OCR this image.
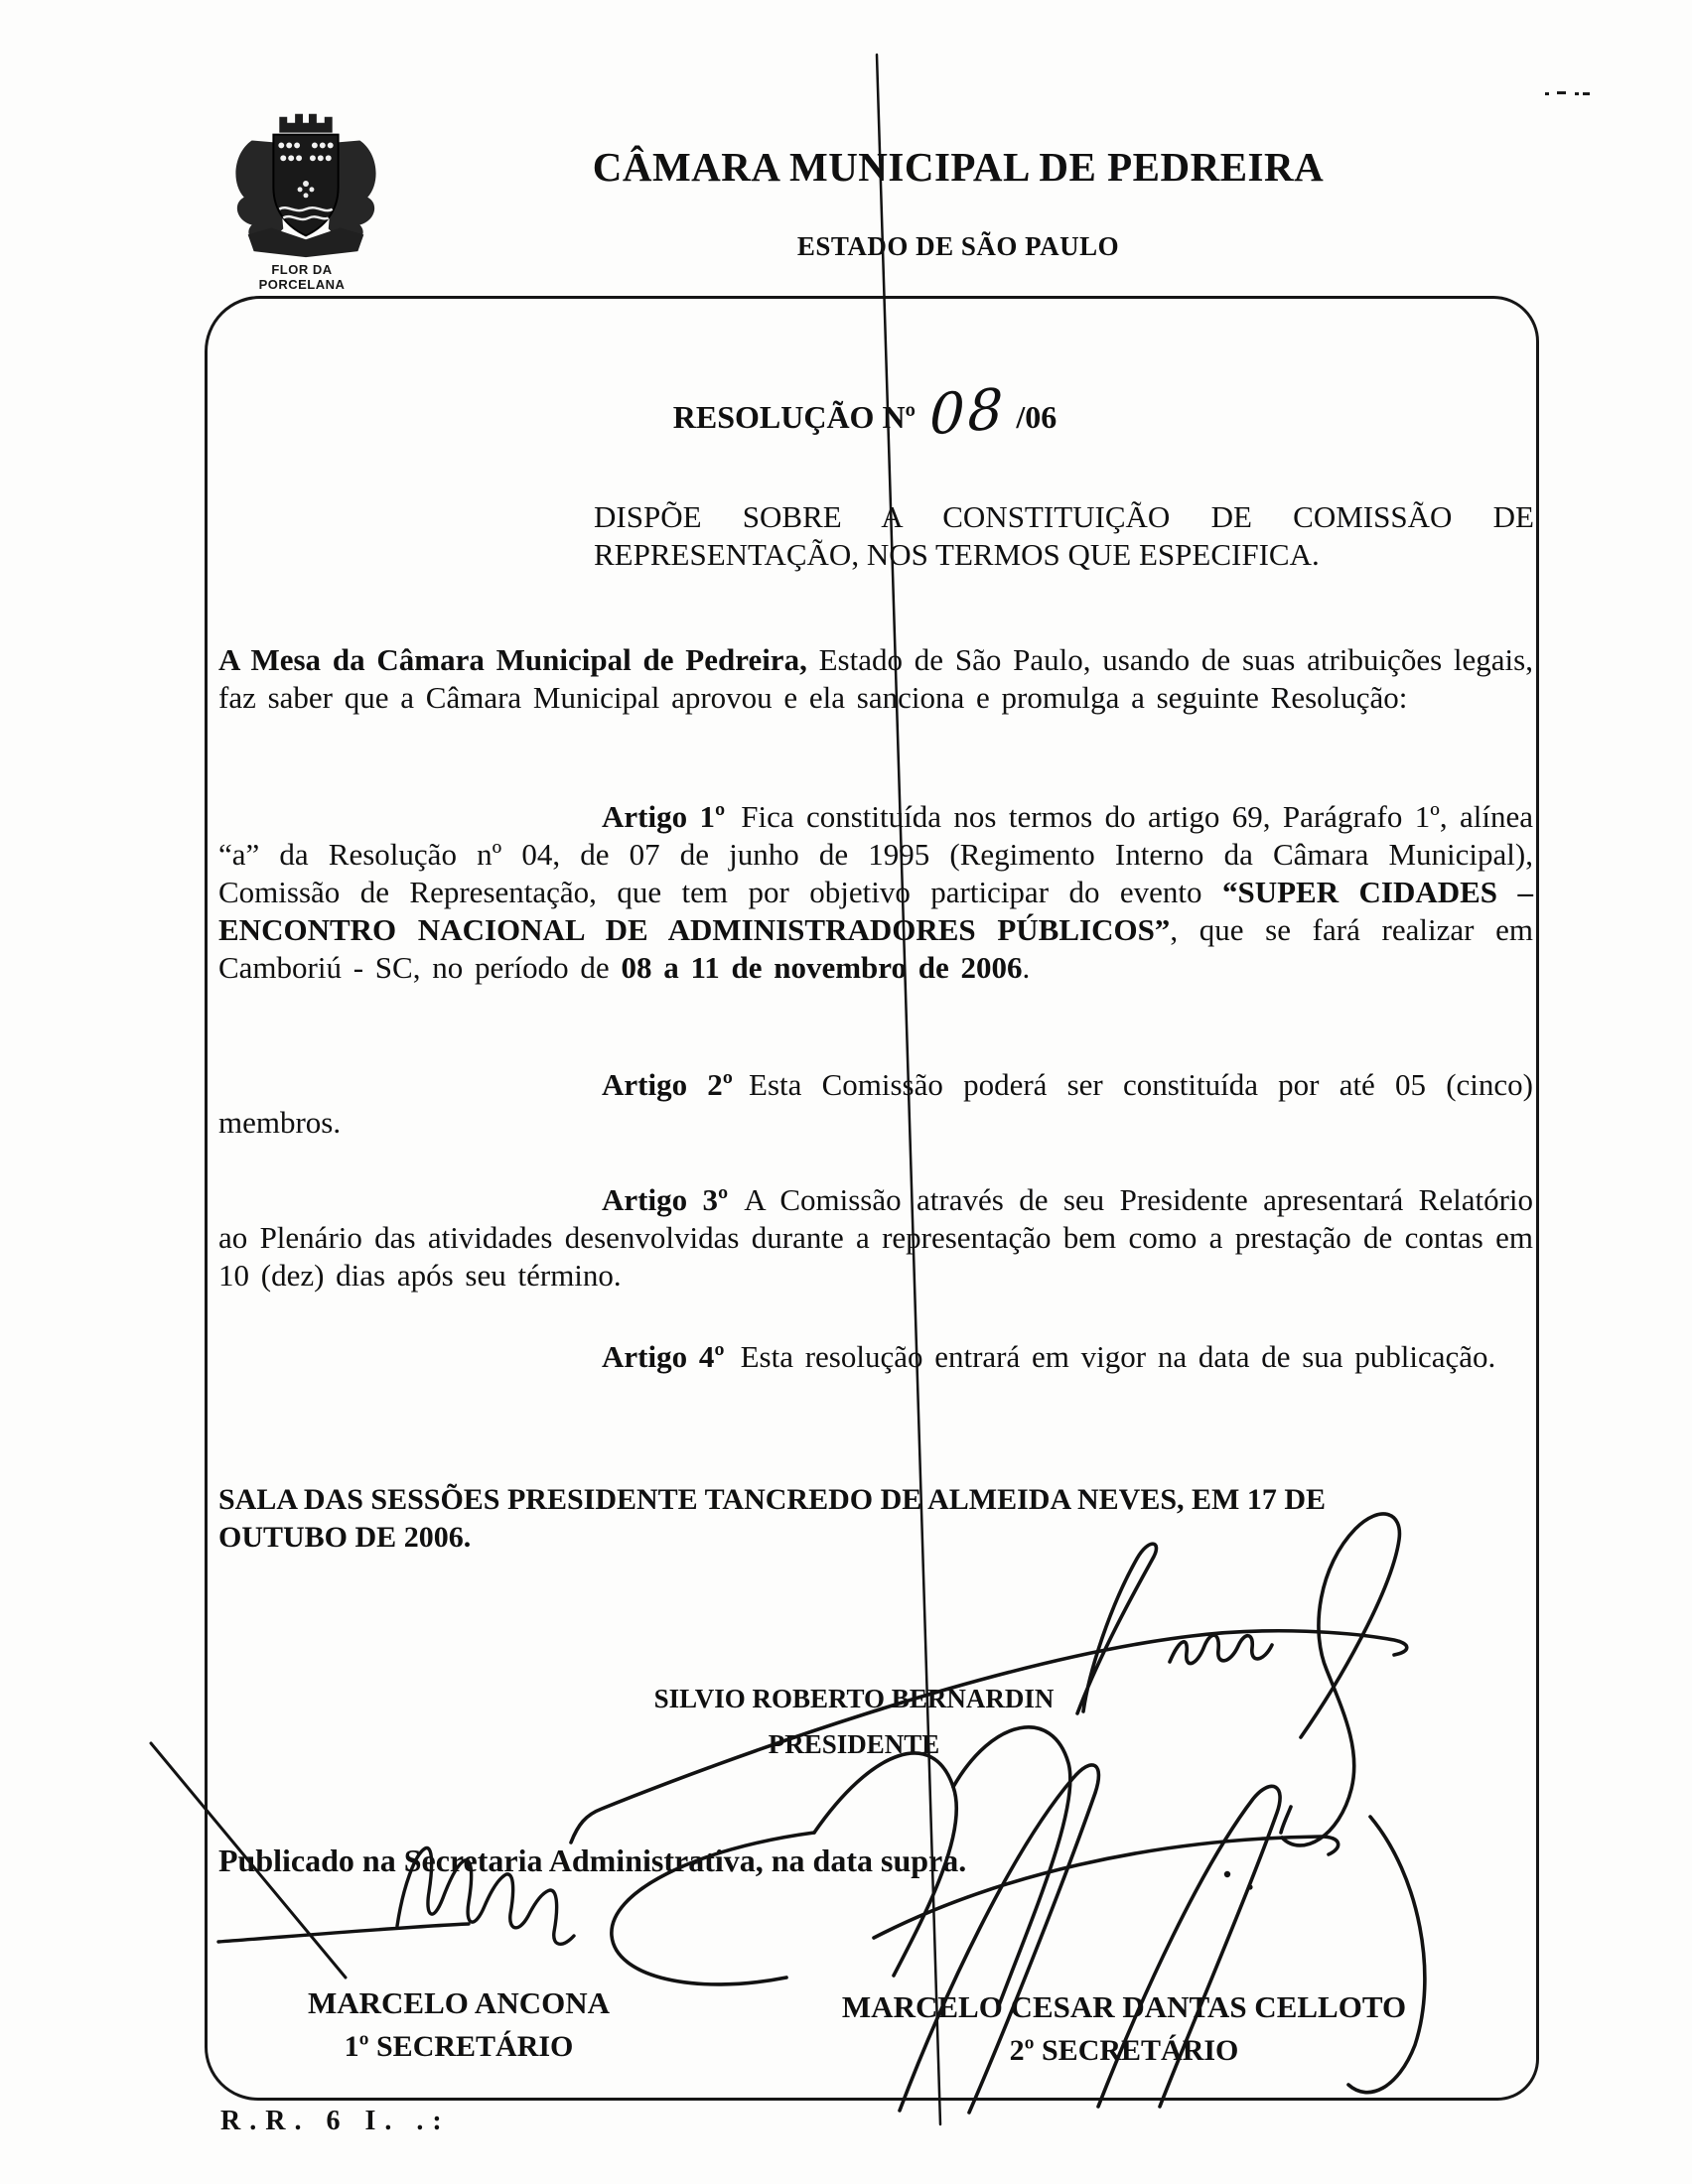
FLOR DA
PORCELANA
CÂMARA MUNICIPAL DE PEDREIRA
ESTADO DE SÃO PAULO
RESOLUÇÃO Nº 08 /06
DISPÕE SOBRE A CONSTITUIÇÃO DE COMISSÃO DE
REPRESENTAÇÃO, NOS TERMOS QUE ESPECIFICA.

A Mesa da Câmara Municipal de Pedreira, Estado de São Paulo, usando de suas atribuições legais, faz saber que a Câmara Municipal aprovou e ela sanciona e promulga a seguinte Resolução:

Artigo 1º Fica constituída nos termos do artigo 69, Parágrafo 1º, alínea “a” da Resolução nº 04, de 07 de junho de 1995 (Regimento Interno da Câmara Municipal), Comissão de Representação, que tem por objetivo participar do evento “SUPER CIDADES – ENCONTRO NACIONAL DE ADMINISTRADORES PÚBLICOS”, que se fará realizar em Camboriú - SC, no período de 08 a 11 de novembro de 2006.

Artigo 2º Esta Comissão poderá ser constituída por até 05 (cinco) membros.

Artigo 3º A Comissão através de seu Presidente apresentará Relatório ao Plenário das atividades desenvolvidas durante a representação bem como a prestação de contas em 10 (dez) dias após seu término.

Artigo 4º Esta resolução entrará em vigor na data de sua publicação.

SALA DAS SESSÕES PRESIDENTE TANCREDO DE ALMEIDA NEVES, EM 17 DE
OUTUBO DE 2006.
SILVIO ROBERTO BERNARDIN
PRESIDENTE
Publicado na Secretaria Administrativa, na data supra.
MARCELO ANCONA
1º SECRETÁRIO
MARCELO CESAR DANTAS CELLOTO
2º SECRETÁRIO
R.R. 6 I. .:
